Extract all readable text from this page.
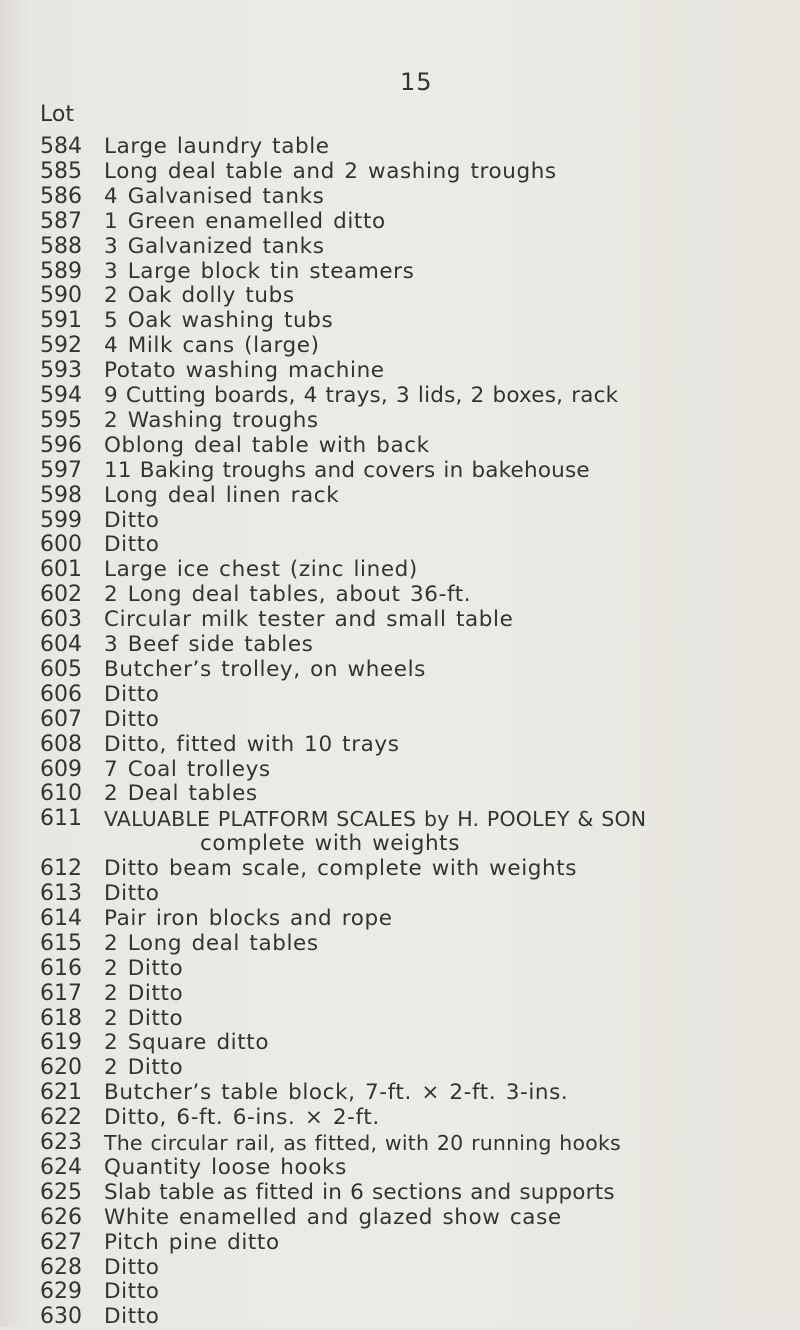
15
Lot
584	Large laundry table
585	Long deal table and 2 washing troughs
586	4 Galvanised tanks
587	1 Green enamelled ditto
588	3 Galvanized tanks
589	3 Large block tin steamers
590	2 Oak dolly tubs
591	5 Oak washing tubs
592	4 Milk cans (large)
593	Potato washing machine
594	9 Cutting boards, 4 trays, 3 lids, 2 boxes, rack
595	2 Washing troughs
596	Oblong deal table with back
597	11 Baking troughs and covers in bakehouse
598	Long deal linen rack
599	Ditto
600	Ditto
601	Large ice chest (zinc lined)
602	2 Long deal tables, about 36-ft.
603	Circular milk tester and small table
604	3 Beef side tables
605	Butcher’s trolley, on wheels
606	Ditto
607	Ditto
608	Ditto, fitted with 10 trays
609	7 Coal trolleys
610	2 Deal tables
611	VALUABLE PLATFORM SCALES by H. POOLEY & SON
complete with weights
612	Ditto beam scale, complete with weights
613	Ditto
614	Pair iron blocks and rope
615	2 Long deal tables
616	2 Ditto
617	2 Ditto
618	2 Ditto
619	2 Square ditto
620	2 Ditto
621	Butcher’s table block, 7-ft. × 2-ft. 3-ins.
622	Ditto, 6-ft. 6-ins. × 2-ft.
623	The circular rail, as fitted, with 20 running hooks
624	Quantity loose hooks
625	Slab table as fitted in 6 sections and supports
626	White enamelled and glazed show case
627	Pitch pine ditto
628	Ditto
629	Ditto
630	Ditto
